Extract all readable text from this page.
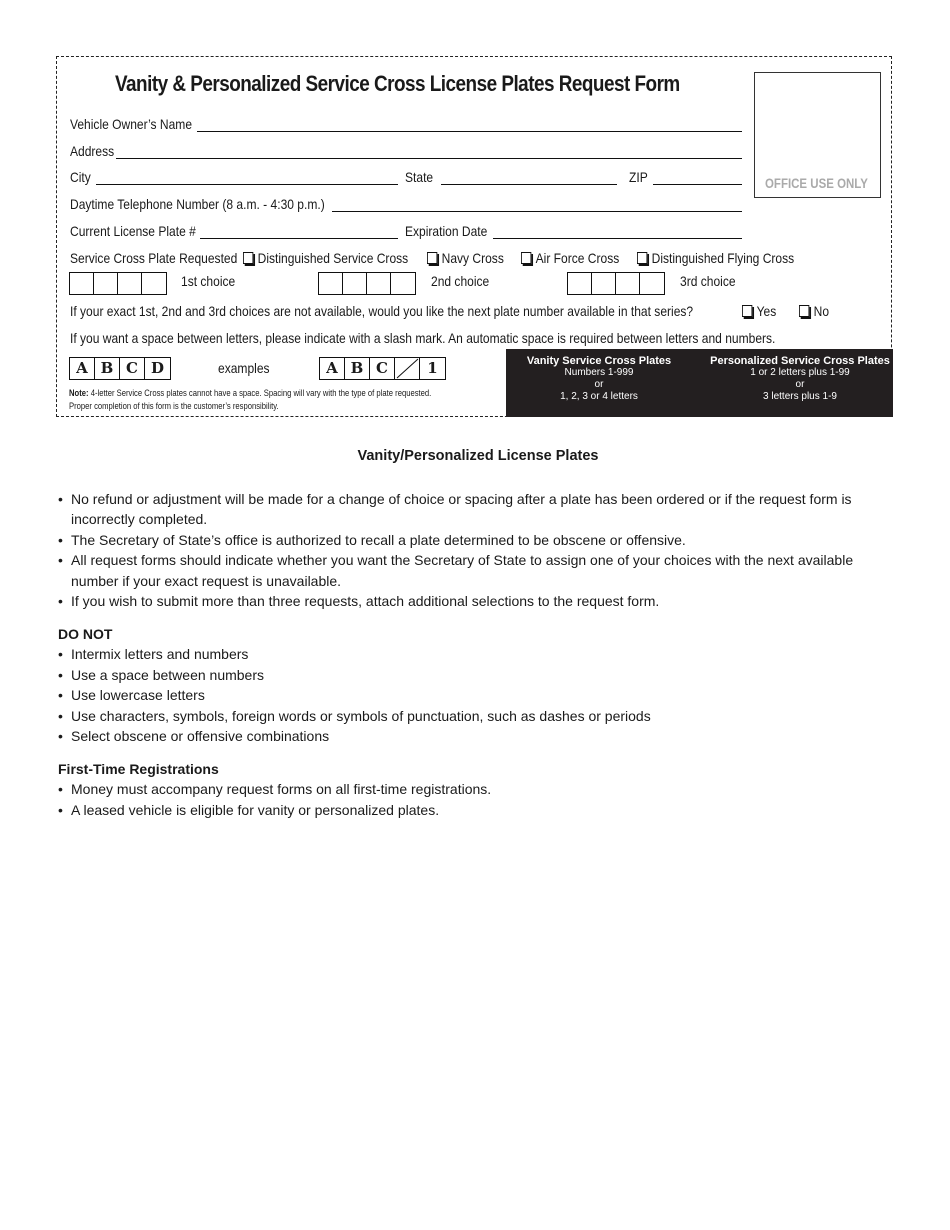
Vanity & Personalized Service Cross License Plates Request Form
OFFICE USE ONLY
Vehicle Owner’s Name
Address
City	State	ZIP
Daytime Telephone Number (8 a.m. - 4:30 p.m.)
Current License Plate #	Expiration Date
Service Cross Plate Requested	Distinguished Service Cross	Navy Cross	Air Force Cross	Distinguished Flying Cross
1st choice	2nd choice	3rd choice
If your exact 1st, 2nd and 3rd choices are not available, would you like the next plate number available in that series?	Yes	No
If you want a space between letters, please indicate with a slash mark. An automatic space is required between letters and numbers.
A B C D	examples	A B C	1
Note: 4-letter Service Cross plates cannot have a space. Spacing will vary with the type of plate requested.
Proper completion of this form is the customer’s responsibility.
Vanity Service Cross Plates
Numbers 1-999
or
1, 2, 3 or 4 letters
Personalized Service Cross Plates
1 or 2 letters plus 1-99
or
3 letters plus 1-9
Vanity/Personalized License Plates
• No refund or adjustment will be made for a change of choice or spacing after a plate has been ordered or if the request form is incorrectly completed.
• The Secretary of State’s office is authorized to recall a plate determined to be obscene or offensive.
• All request forms should indicate whether you want the Secretary of State to assign one of your choices with the next available number if your exact request is unavailable.
• If you wish to submit more than three requests, attach additional selections to the request form.
DO NOT
• Intermix letters and numbers
• Use a space between numbers
• Use lowercase letters
• Use characters, symbols, foreign words or symbols of punctuation, such as dashes or periods
• Select obscene or offensive combinations
First-Time Registrations
• Money must accompany request forms on all first-time registrations.
• A leased vehicle is eligible for vanity or personalized plates.
